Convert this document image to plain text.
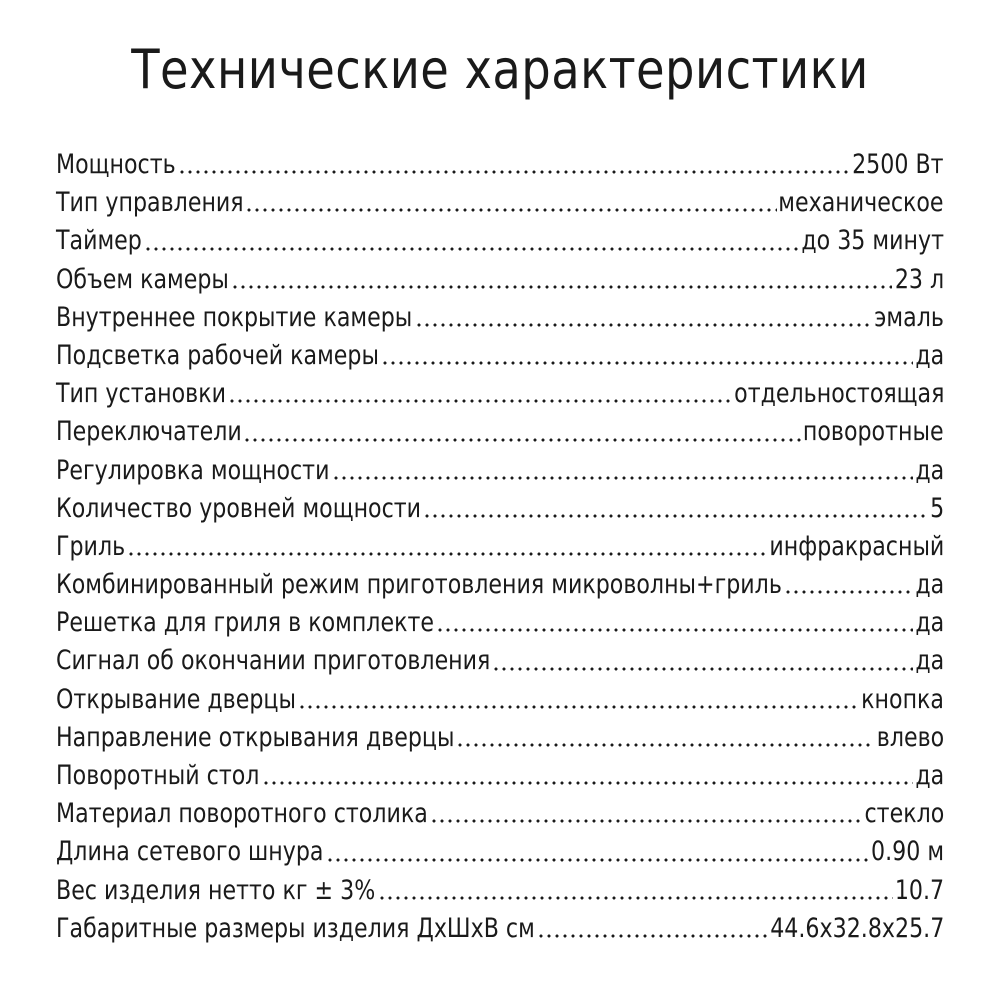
Технические характеристики
Мощность	2500 Вт
Тип управления	механическое
Таймер	до 35 минут
Объем камеры	23 л
Внутреннее покрытие камеры	эмаль
Подсветка рабочей камеры	да
Тип установки	отдельностоящая
Переключатели	поворотные
Регулировка мощности	да
Количество уровней мощности	5
Гриль	инфракрасный
Комбинированный режим приготовления микроволны+гриль	да
Решетка для гриля в комплекте	да
Сигнал об окончании приготовления	да
Открывание дверцы	кнопка
Направление открывания дверцы	влево
Поворотный стол	да
Материал поворотного столика	стекло
Длина сетевого шнура	0.90 м
Вес изделия нетто кг ± 3%	10.7
Габаритные размеры изделия ДхШхВ см	44.6x32.8x25.7
